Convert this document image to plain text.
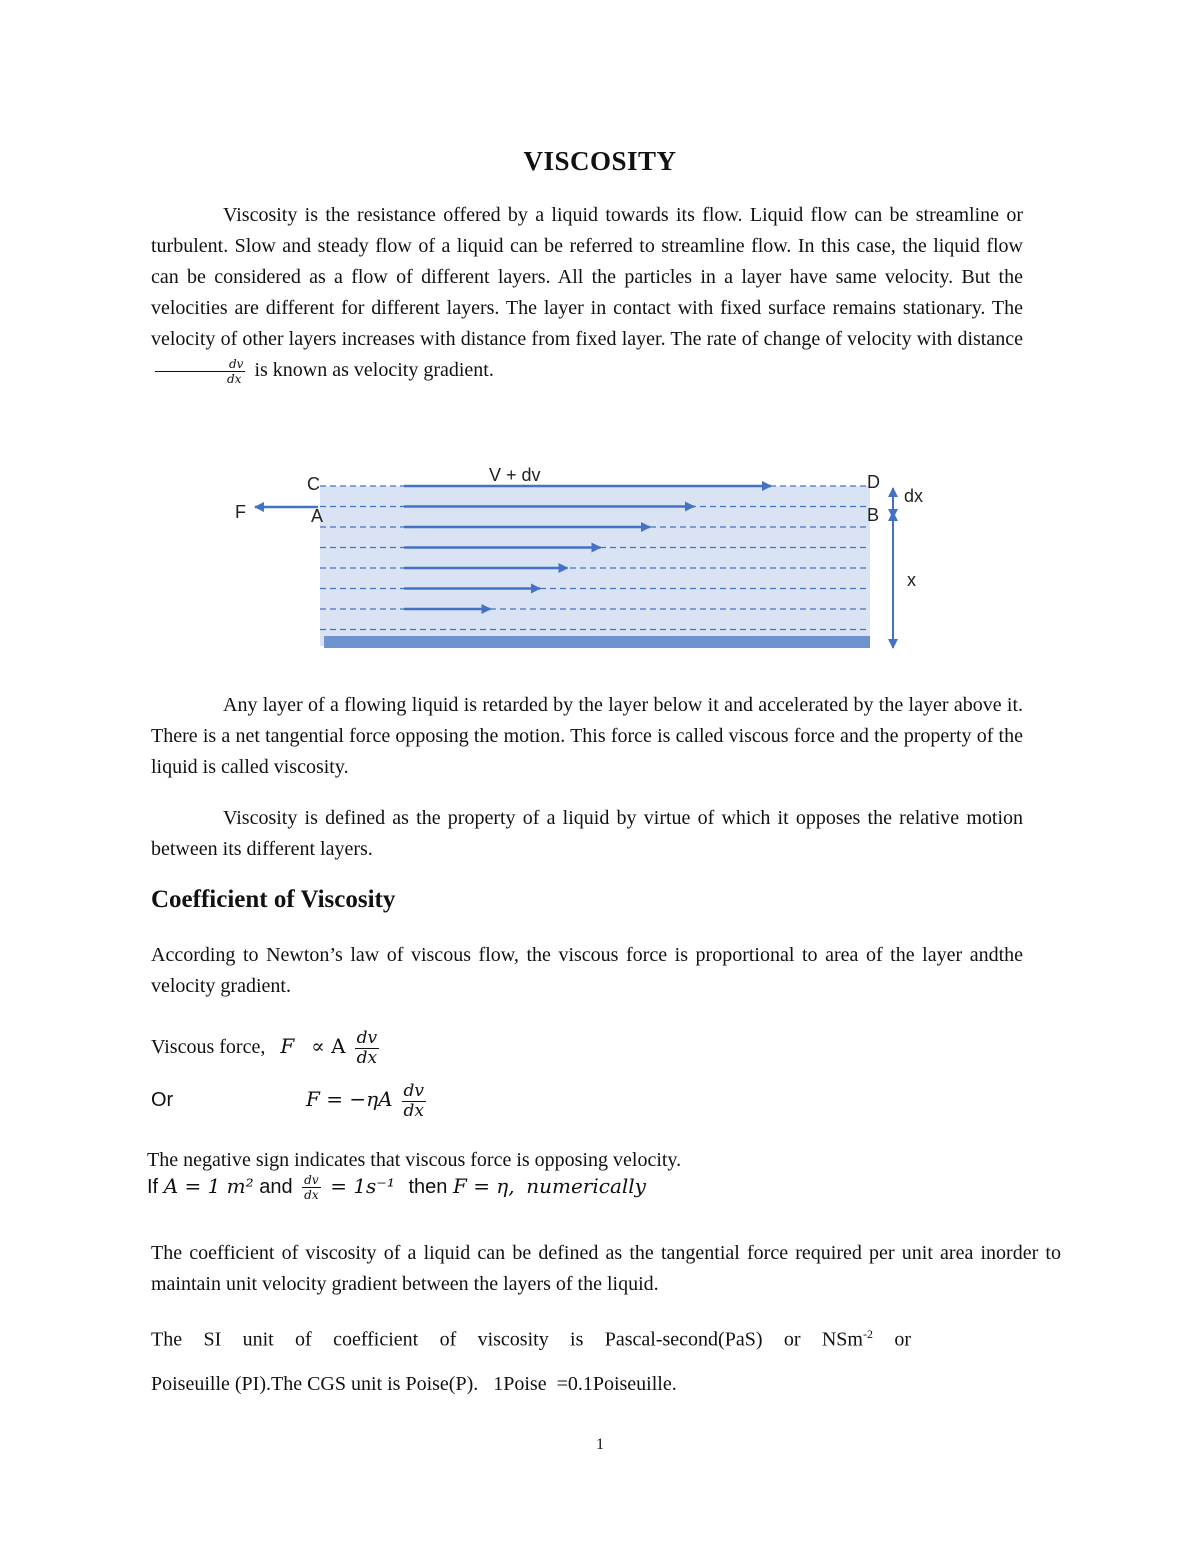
VISCOSITY
Viscosity is the resistance offered by a liquid towards its flow. Liquid flow can be streamline or turbulent. Slow and steady flow of a liquid can be referred to streamline flow. In this case, the liquid flow can be considered as a flow of different layers. All the particles in a layer have same velocity. But the velocities are different for different layers. The layer in contact with fixed surface remains stationary. The velocity of other layers increases with distance from fixed layer. The rate of change of velocity with distance
$\frac{dv}{dx}$ is known as velocity gradient.
C	D
A	B
F
V + dv
dx
x
Any layer of a flowing liquid is retarded by the layer below it and accelerated by the layer above it. There is a net tangential force opposing the motion. This force is called viscous force and the property of the liquid is called viscosity.
Viscosity is defined as the property of a liquid by virtue of which it opposes the relative motion between its different layers.
Coefficient of Viscosity
According to Newton’s law of viscous flow, the viscous force is proportional to area of the layer andthe velocity gradient.
Viscous force, F ∝ A $\frac{dv}{dx}$
Or	$F = -\eta A \frac{dv}{dx}$
The negative sign indicates that viscous force is opposing velocity.
If A = 1 m² and $\frac{dv}{dx} = 1s^{-1}$ then F = η, numerically
The coefficient of viscosity of a liquid can be defined as the tangential force required per unit area inorder to maintain unit velocity gradient between the layers of the liquid.
The SI unit of coefficient of viscosity is Pascal-second(PaS) or NSm$^{-2}$ or
Poiseuille (PI).The CGS unit is Poise(P).   1Poise  =0.1Poiseuille.
1
